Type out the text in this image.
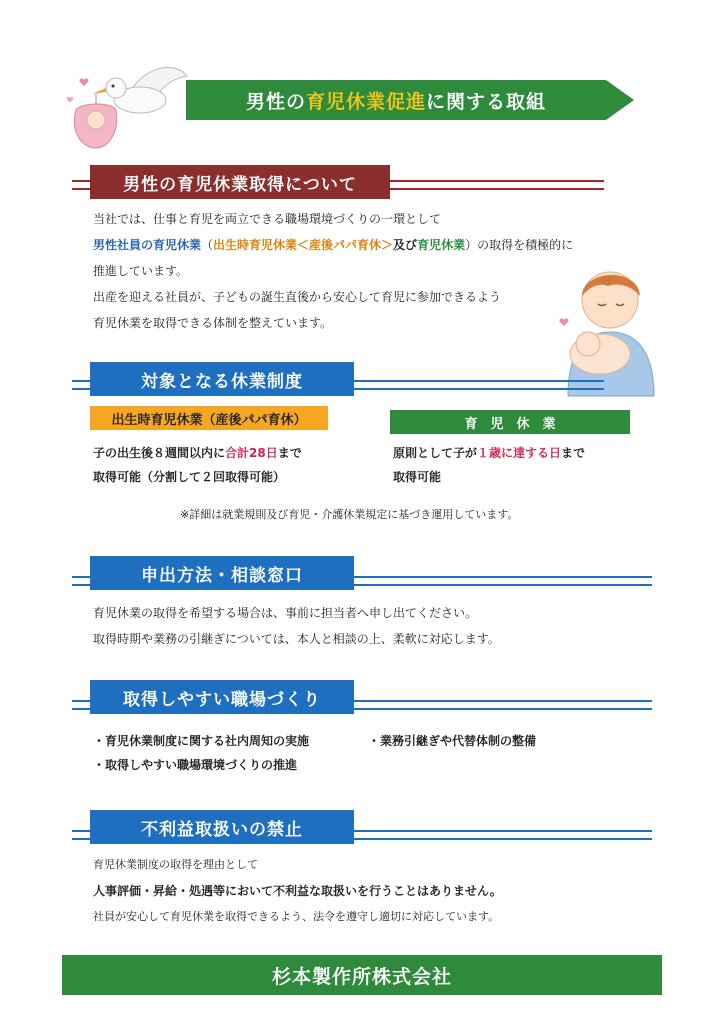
男性の 育児休業促進 に関する取組
男性の育児休業取得について
当社では、仕事と育児を両立できる職場環境づくりの一環として
男性社員の育児休業（出生時育児休業＜産後パパ育休＞及び育児休業）の取得を積極的に
推進しています。
出産を迎える社員が、子どもの誕生直後から安心して育児に参加できるよう
育児休業を取得できる体制を整えています。
対象となる休業制度
出生時育児休業（産後パパ育休）	育　児　休　業
子の出生後８週間以内に合計28日まで
取得可能（分割して２回取得可能）
原則として子が１歳に達する日まで
取得可能
※詳細は就業規則及び育児・介護休業規定に基づき運用しています。
申出方法・相談窓口
育児休業の取得を希望する場合は、事前に担当者へ申し出てください。
取得時期や業務の引継ぎについては、本人と相談の上、柔軟に対応します。
取得しやすい職場づくり
・育児休業制度に関する社内周知の実施	・業務引継ぎや代替体制の整備
・取得しやすい職場環境づくりの推進
不利益取扱いの禁止
育児休業制度の取得を理由として
人事評価・昇給・処遇等において不利益な取扱いを行うことはありません。
社員が安心して育児休業を取得できるよう、法令を遵守し適切に対応しています。
杉本製作所株式会社
